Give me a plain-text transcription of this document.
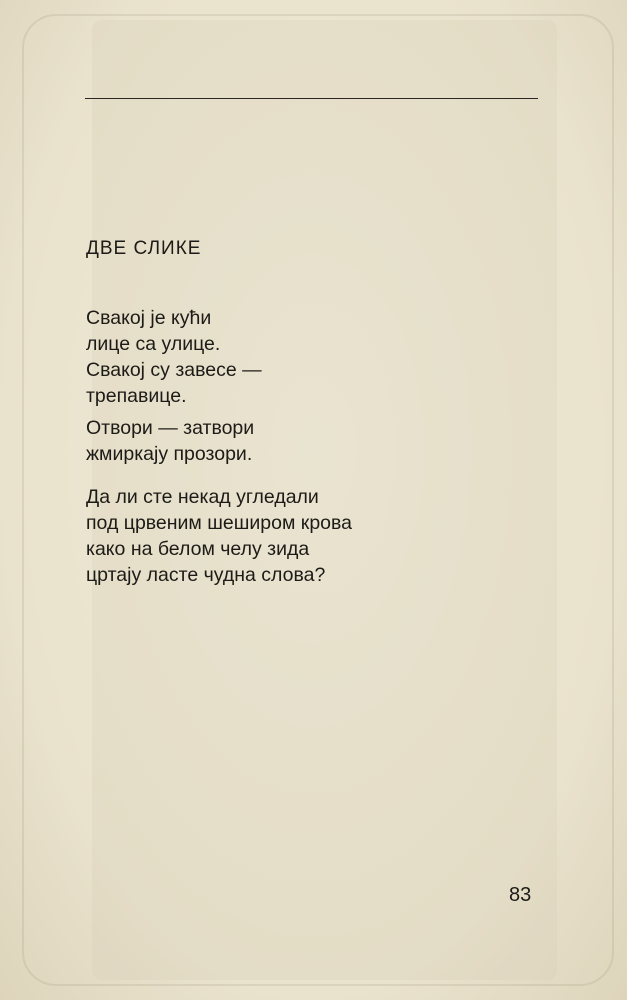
ДВЕ СЛИКЕ
Свакој је кући
лице са улице.
Свакој су завесе —
трепавице.
Отвори — затвори
жмиркају прозори.
Да ли сте некад угледали
под црвеним шеширом крова
како на белом челу зида
цртају ласте чудна слова?
83
